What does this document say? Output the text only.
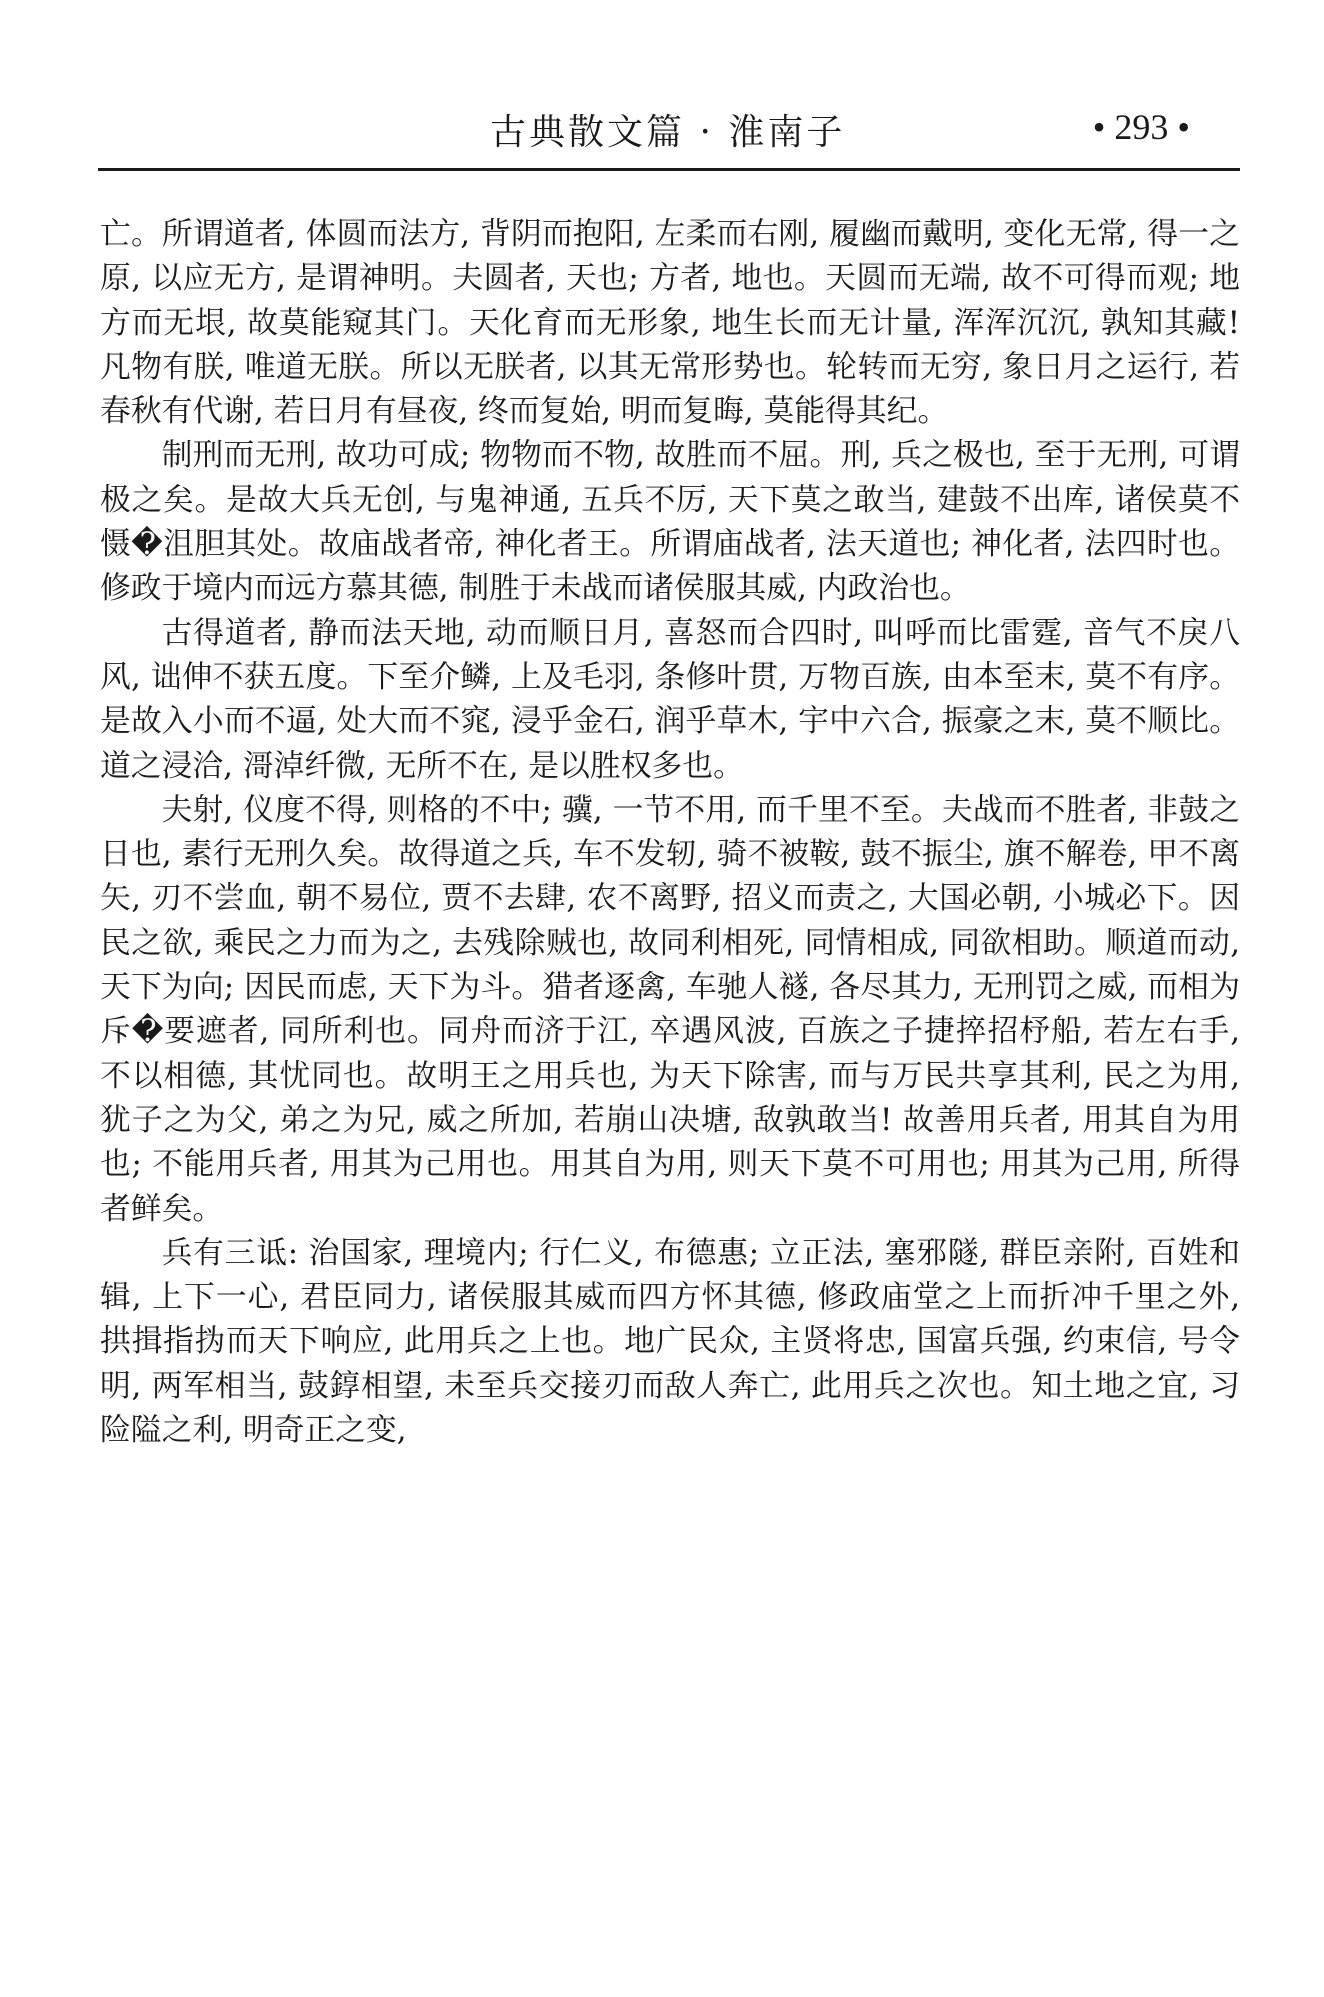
古典散文篇 · 淮南子	• 293 •

亡。所谓道者, 体圆而法方, 背阴而抱阳, 左柔而右刚, 履幽而戴明, 变化无常, 得一之原, 以应无方, 是谓神明。夫圆者, 天也; 方者, 地也。天圆而无端, 故不可得而观; 地方而无垠, 故莫能窥其门。天化育而无形象, 地生长而无计量, 浑浑沉沉, 孰知其藏! 凡物有朕, 唯道无朕。所以无朕者, 以其无常形势也。轮转而无穷, 象日月之运行, 若春秋有代谢, 若日月有昼夜, 终而复始, 明而复晦, 莫能得其纪。

制刑而无刑, 故功可成; 物物而不物, 故胜而不屈。刑, 兵之极也, 至于无刑, 可谓极之矣。是故大兵无创, 与鬼神通, 五兵不厉, 天下莫之敢当, 建鼓不出库, 诸侯莫不慑�沮胆其处。故庙战者帝, 神化者王。所谓庙战者, 法天道也; 神化者, 法四时也。修政于境内而远方慕其德, 制胜于未战而诸侯服其威, 内政治也。

古得道者, 静而法天地, 动而顺日月, 喜怒而合四时, 叫呼而比雷霆, 音气不戾八风, 诎伸不获五度。下至介鳞, 上及毛羽, 条修叶贯, 万物百族, 由本至末, 莫不有序。是故入小而不逼, 处大而不窕, 浸乎金石, 润乎草木, 宇中六合, 振豪之末, 莫不顺比。道之浸洽, 滒淖纤微, 无所不在, 是以胜权多也。

夫射, 仪度不得, 则格的不中; 骥, 一节不用, 而千里不至。夫战而不胜者, 非鼓之日也, 素行无刑久矣。故得道之兵, 车不发轫, 骑不被鞍, 鼓不振尘, 旗不解卷, 甲不离矢, 刃不尝血, 朝不易位, 贾不去肆, 农不离野, 招义而责之, 大国必朝, 小城必下。因民之欲, 乘民之力而为之, 去残除贼也, 故同利相死, 同情相成, 同欲相助。顺道而动, 天下为向; 因民而虑, 天下为斗。猎者逐禽, 车驰人襚, 各尽其力, 无刑罚之威, 而相为斥�要遮者, 同所利也。同舟而济于江, 卒遇风波, 百族之子捷捽招杼船, 若左右手, 不以相德, 其忧同也。故明王之用兵也, 为天下除害, 而与万民共享其利, 民之为用, 犹子之为父, 弟之为兄, 威之所加, 若崩山决塘, 敌孰敢当! 故善用兵者, 用其自为用也; 不能用兵者, 用其为己用也。用其自为用, 则天下莫不可用也; 用其为己用, 所得者鲜矣。

兵有三诋: 治国家, 理境内; 行仁义, 布德惠; 立正法, 塞邪隧, 群臣亲附, 百姓和辑, 上下一心, 君臣同力, 诸侯服其威而四方怀其德, 修政庙堂之上而折冲千里之外, 拱揖指㧑而天下响应, 此用兵之上也。地广民众, 主贤将忠, 国富兵强, 约束信, 号令明, 两军相当, 鼓錞相望, 未至兵交接刃而敌人奔亡, 此用兵之次也。知土地之宜, 习险隘之利, 明奇正之变,
